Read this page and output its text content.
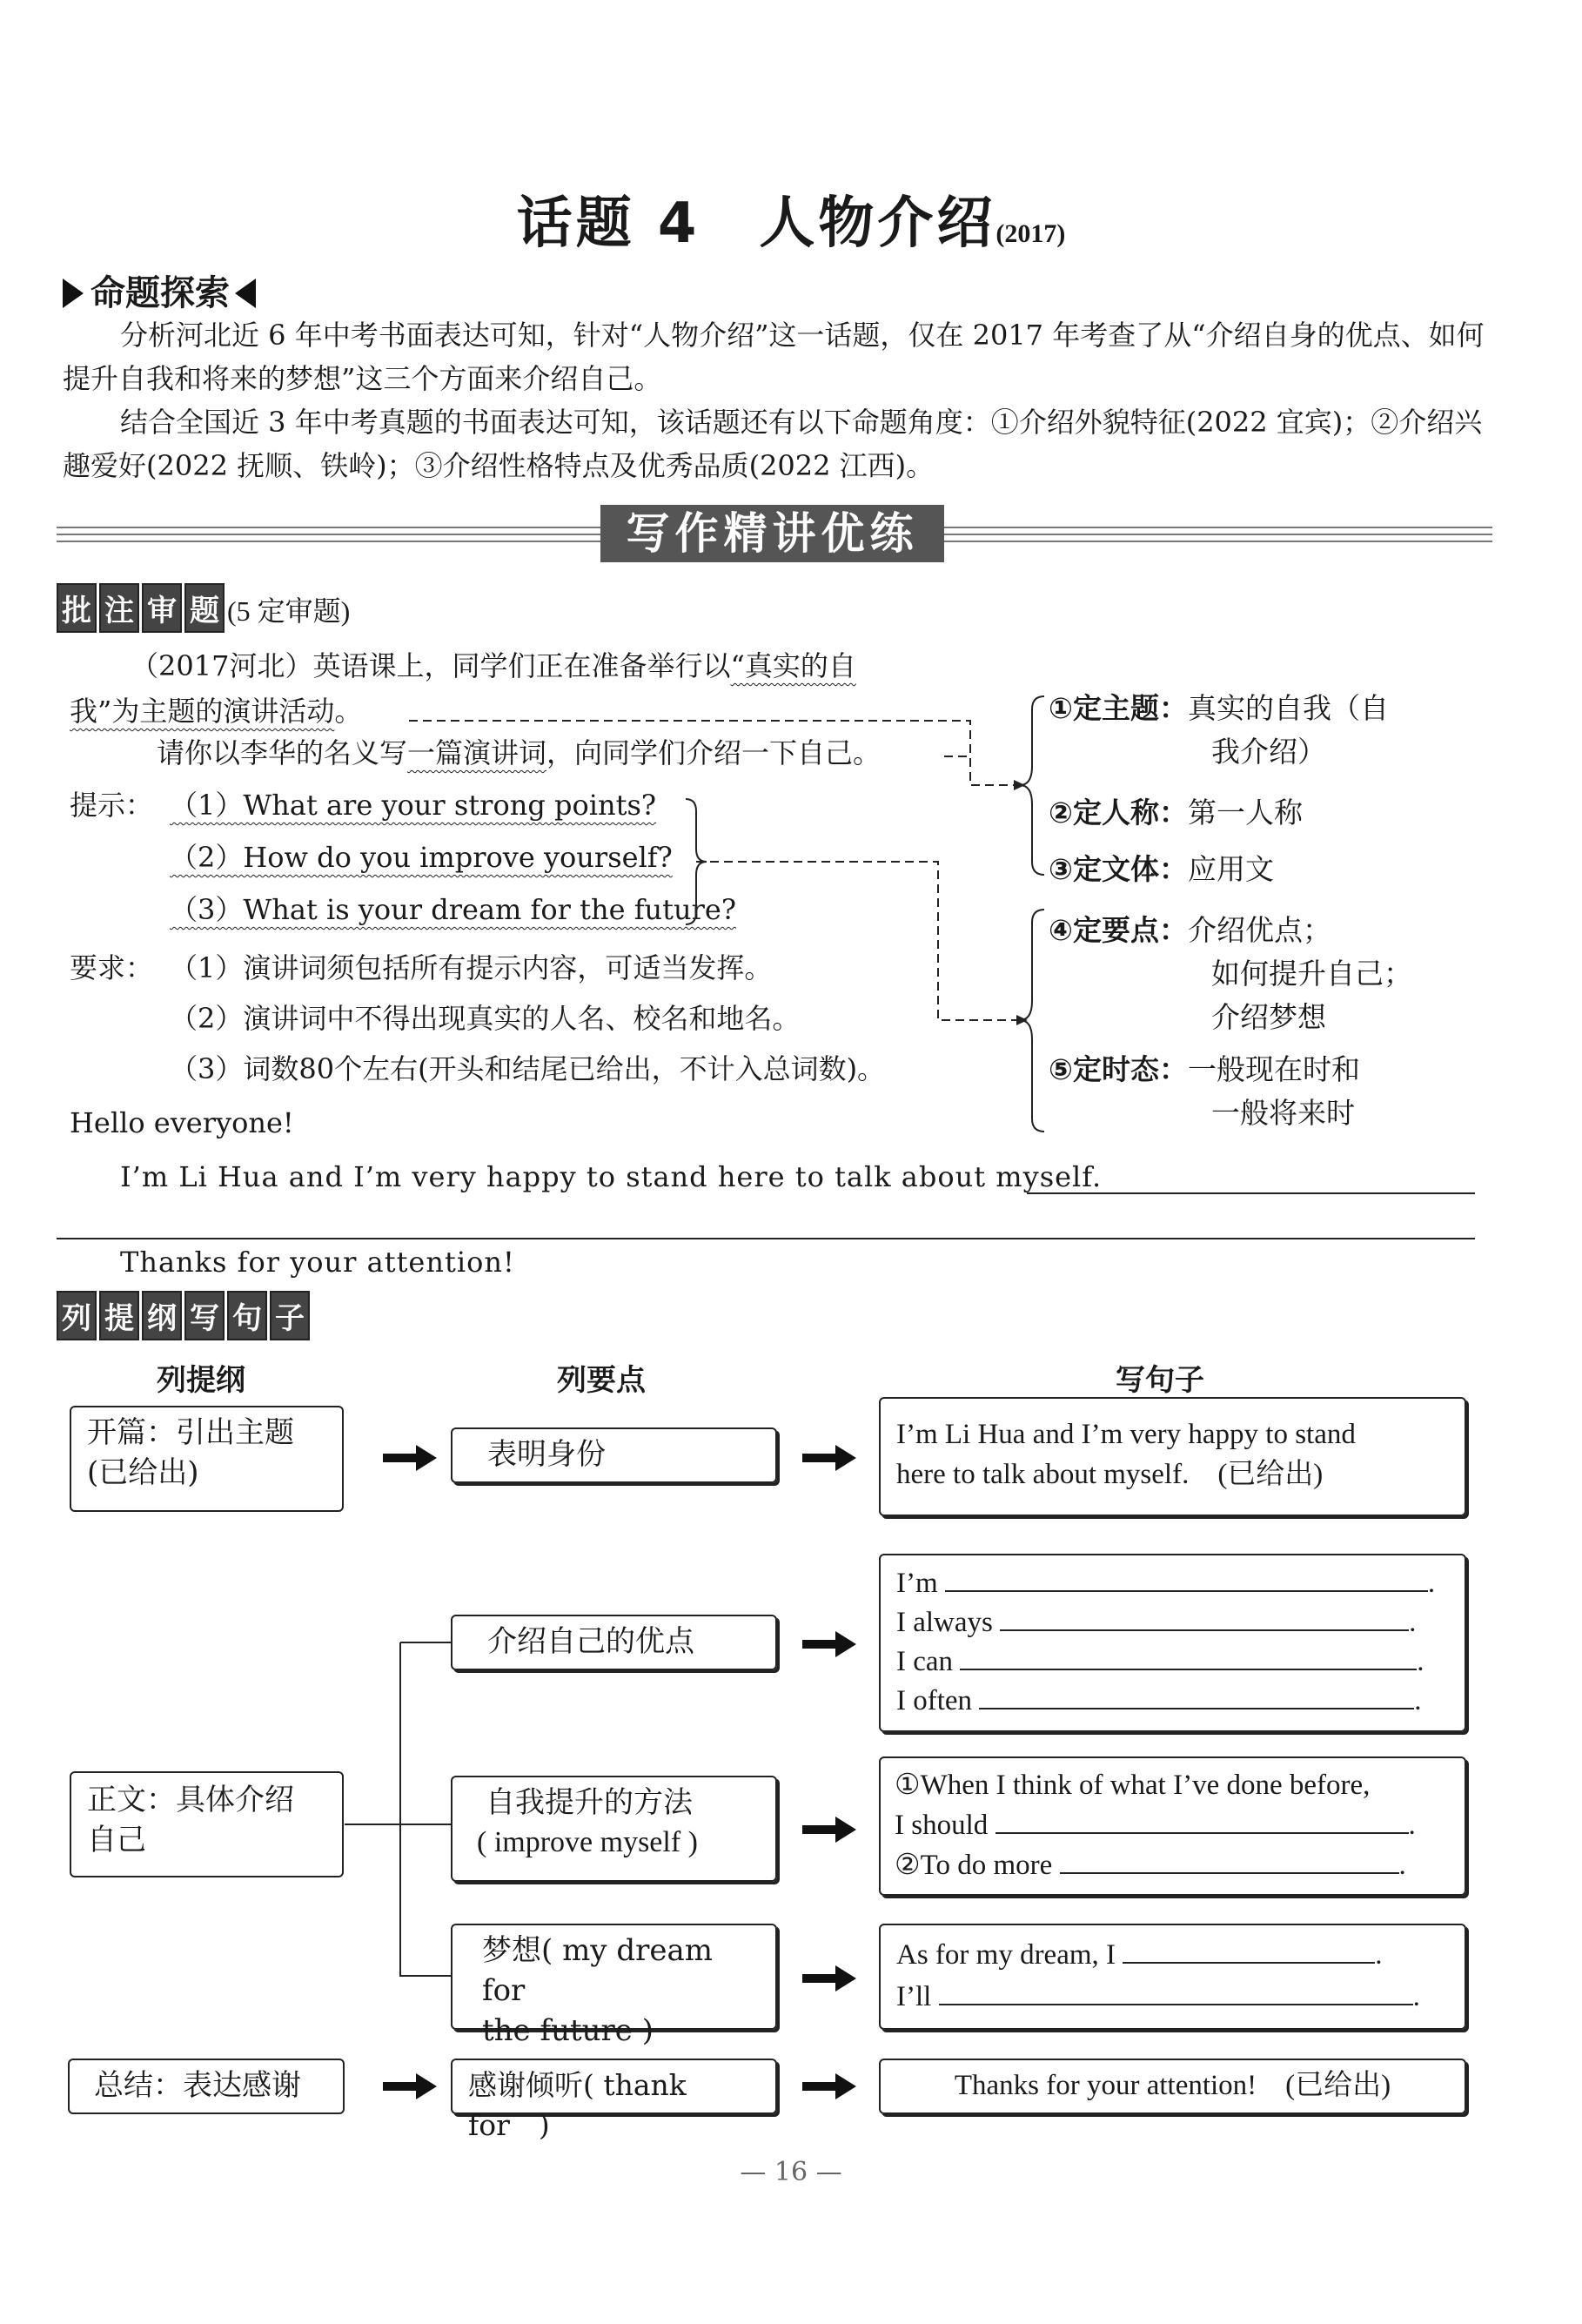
话题 4　人物介绍(2017)
命题探索
分析河北近 6 年中考书面表达可知，针对“人物介绍”这一话题，仅在 2017 年考查了从“介绍自身的优点、如何提升自我和将来的梦想”这三个方面来介绍自己。
结合全国近 3 年中考真题的书面表达可知，该话题还有以下命题角度：①介绍外貌特征(2022 宜宾)；②介绍兴趣爱好(2022 抚顺、铁岭)；③介绍性格特点及优秀品质(2022 江西)。
写作精讲优练
批 注 审 题 (5 定审题)
（2017河北）英语课上，同学们正在准备举行以“真实的自
我”为主题的演讲活动。
请你以李华的名义写一篇演讲词，向同学们介绍一下自己。
提示： （1）What are your strong points?
（2）How do you improve yourself?
（3）What is your dream for the future?
要求： （1）演讲词须包括所有提示内容，可适当发挥。
（2）演讲词中不得出现真实的人名、校名和地名。
（3）词数80个左右(开头和结尾已给出，不计入总词数)。
Hello everyone!
I’m Li Hua and I’m very happy to stand here to talk about myself.
Thanks for your attention!
①定主题：真实的自我（自
我介绍）
②定人称：第一人称
③定文体：应用文
④定要点：介绍优点；
如何提升自己；
介绍梦想
⑤定时态：一般现在时和
一般将来时
列 提 纲 写 句 子
列提纲	列要点	写句子
开篇：引出主题
(已给出)
表明身份
I’m Li Hua and I’m very happy to stand
here to talk about myself.　(已给出)
正文：具体介绍
自己
介绍自己的优点
I’m	.
I always	.
I can	.
I often	.
自我提升的方法
( improve myself )
①When I think of what I’ve done before,
I should	.
②To do more	.
梦想( my dream for
the future )
As for my dream, I	.
I’ll	.
总结：表达感谢	感谢倾听( thank for　)
Thanks for your attention!　(已给出)
— 16 —
